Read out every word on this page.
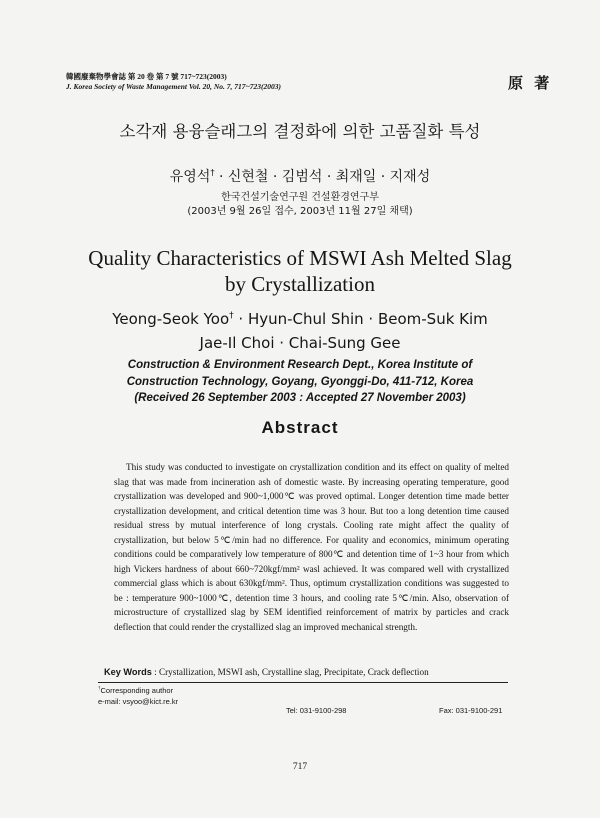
韓國廢棄物學會誌 第 20 卷 第 7 號 717~723(2003)
J. Korea Society of Waste Management Vol. 20, No. 7, 717~723(2003)	原 著
소각재 용융슬래그의 결정화에 의한 고품질화 특성
유영석† · 신현철 · 김범석 · 최재일 · 지재성
한국건설기술연구원 건설환경연구부
(2003년 9월 26일 접수, 2003년 11월 27일 채택)
Quality Characteristics of MSWI Ash Melted Slag
by Crystallization
Yeong-Seok Yoo† · Hyun-Chul Shin · Beom-Suk Kim
Jae-Il Choi · Chai-Sung Gee
Construction & Environment Research Dept., Korea Institute of
Construction Technology, Goyang, Gyonggi-Do, 411-712, Korea
(Received 26 September 2003 : Accepted 27 November 2003)
Abstract
This study was conducted to investigate on crystallization condition and its effect on quality of melted slag that was made from incineration ash of domestic waste. By increasing operating temperature, good crystallization was developed and 900~1,000℃ was proved optimal. Longer detention time made better crystallization development, and critical detention time was 3 hour. But too a long detention time caused residual stress by mutual interference of long crystals. Cooling rate might affect the quality of crystallization, but below 5℃/min had no difference. For quality and economics, minimum operating conditions could be comparatively low temperature of 800℃ and detention time of 1~3 hour from which high Vickers hardness of about 660~720kgf/mm² wasl achieved. It was compared well with crystallized commercial glass which is about 630kgf/mm². Thus, optimum crystallization conditions was suggested to be : temperature 900~1000℃, detention time 3 hours, and cooling rate 5℃/min. Also, observation of microstructure of crystallized slag by SEM identified reinforcement of matrix by particles and crack deflection that could render the crystallized slag an improved mechanical strength.
Key Words : Crystallization, MSWI ash, Crystalline slag, Precipitate, Crack deflection
†Corresponding author
e-mail: vsyoo@kict.re.kr
Tel: 031-9100-298	Fax: 031-9100-291
717
